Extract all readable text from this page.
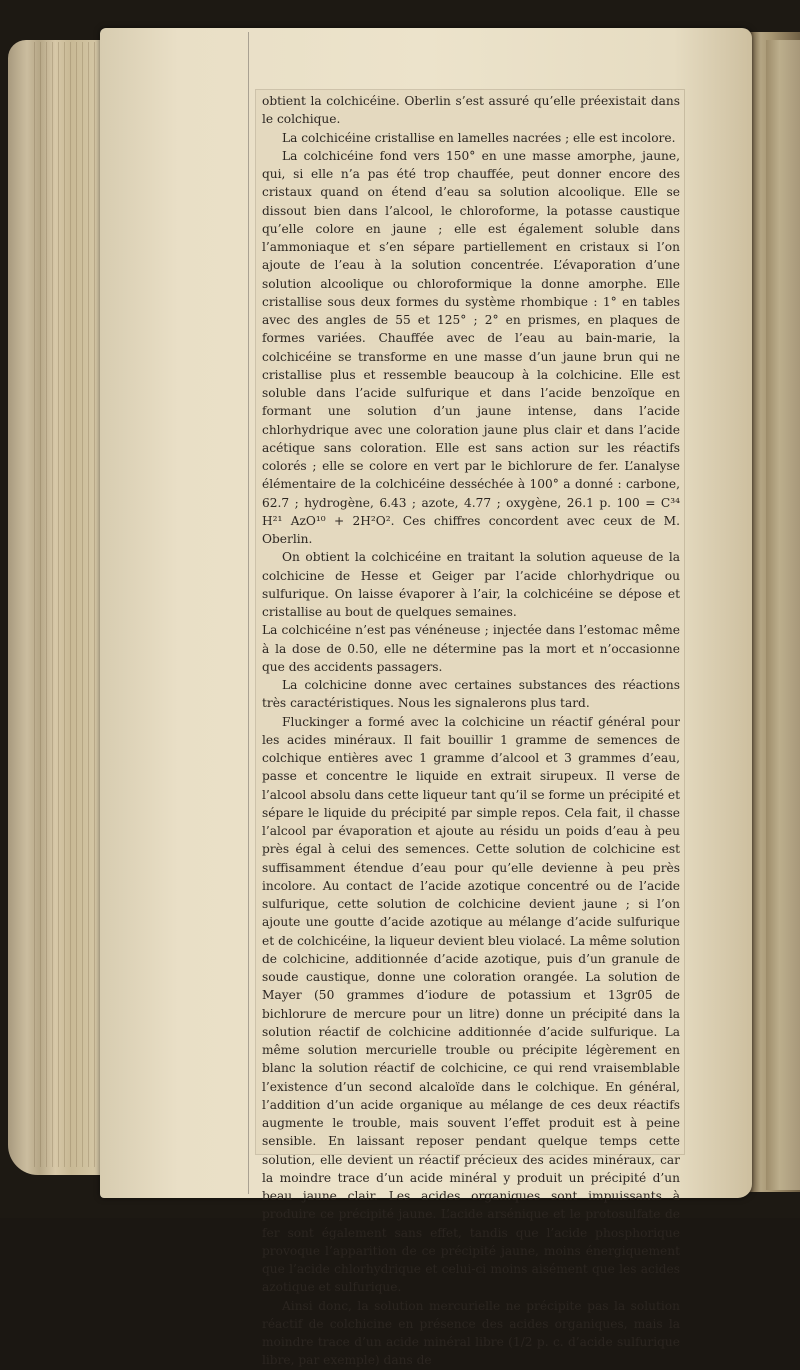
obtient la colchicéine. Oberlin s’est assuré qu’elle préexistait dans le colchique.

La colchicéine cristallise en lamelles nacrées ; elle est incolore.

La colchicéine fond vers 150° en une masse amorphe, jaune, qui, si elle n’a pas été trop chauffée, peut donner encore des cristaux quand on étend d’eau sa solution alcoolique. Elle se dissout bien dans l’alcool, le chloroforme, la potasse caustique qu’elle colore en jaune ; elle est également soluble dans l’ammoniaque et s’en sépare partiellement en cristaux si l’on ajoute de l’eau à la solution concentrée. L’évaporation d’une solution alcoolique ou chloroformique la donne amorphe. Elle cristallise sous deux formes du système rhombique : 1° en tables avec des angles de 55 et 125° ; 2° en prismes, en plaques de formes variées. Chauffée avec de l’eau au bain-marie, la colchicéine se transforme en une masse d’un jaune brun qui ne cristallise plus et ressemble beaucoup à la colchicine. Elle est soluble dans l’acide sulfurique et dans l’acide benzoïque en formant une solution d’un jaune intense, dans l’acide chlorhydrique avec une coloration jaune plus clair et dans l’acide acétique sans coloration. Elle est sans action sur les réactifs colorés ; elle se colore en vert par le bichlorure de fer. L’analyse élémentaire de la colchicéine desséchée à 100° a donné : carbone, 62.7 ; hydrogène, 6.43 ; azote, 4.77 ; oxygène, 26.1 p. 100 = C³⁴ H²¹ AzO¹⁰ + 2H²O². Ces chiffres concordent avec ceux de M. Oberlin.

On obtient la colchicéine en traitant la solution aqueuse de la colchicine de Hesse et Geiger par l’acide chlorhydrique ou sulfurique. On laisse évaporer à l’air, la colchicéine se dépose et cristallise au bout de quelques semaines.

La colchicéine n’est pas vénéneuse ; injectée dans l’estomac même à la dose de 0.50, elle ne détermine pas la mort et n’occasionne que des accidents passagers.

La colchicine donne avec certaines substances des réactions très caractéristiques. Nous les signalerons plus tard.

Fluckinger a formé avec la colchicine un réactif général pour les acides minéraux. Il fait bouillir 1 gramme de semences de colchique entières avec 1 gramme d’alcool et 3 grammes d’eau, passe et concentre le liquide en extrait sirupeux. Il verse de l’alcool absolu dans cette liqueur tant qu’il se forme un précipité et sépare le liquide du précipité par simple repos. Cela fait, il chasse l’alcool par évaporation et ajoute au résidu un poids d’eau à peu près égal à celui des semences. Cette solution de colchicine est suffisamment étendue d’eau pour qu’elle devienne à peu près incolore. Au contact de l’acide azotique concentré ou de l’acide sulfurique, cette solution de colchicine devient jaune ; si l’on ajoute une goutte d’acide azotique au mélange d’acide sulfurique et de colchicéine, la liqueur devient bleu violacé. La même solution de colchicine, additionnée d’acide azotique, puis d’un granule de soude caustique, donne une coloration orangée. La solution de Mayer (50 grammes d’iodure de potassium et 13gr05 de bichlorure de mercure pour un litre) donne un précipité dans la solution réactif de colchicine additionnée d’acide sulfurique. La même solution mercurielle trouble ou précipite légèrement en blanc la solution réactif de colchicine, ce qui rend vraisemblable l’existence d’un second alcaloïde dans le colchique. En général, l’addition d’un acide organique au mélange de ces deux réactifs augmente le trouble, mais souvent l’effet produit est à peine sensible. En laissant reposer pendant quelque temps cette solution, elle devient un réactif précieux des acides minéraux, car la moindre trace d’un acide minéral y produit un précipité d’un beau jaune clair. Les acides organiques sont impuissants à produire ce précipité jaune. L’acide arsénique et le protosulfate de fer sont également sans effet, tandis que l’acide phosphorique provoque l’apparition de ce précipité jaune, moins énergiquement que l’acide chlorhydrique et celui-ci moins aisément que les acides azotique et sulfurique.

Ainsi donc, la solution mercurielle ne précipite pas la solution réactif de colchicine en présence des acides organiques, mais la moindre trace d’un acide minéral libre (1/2 p. c. d’acide sulfurique libre, par exemple) dans de
